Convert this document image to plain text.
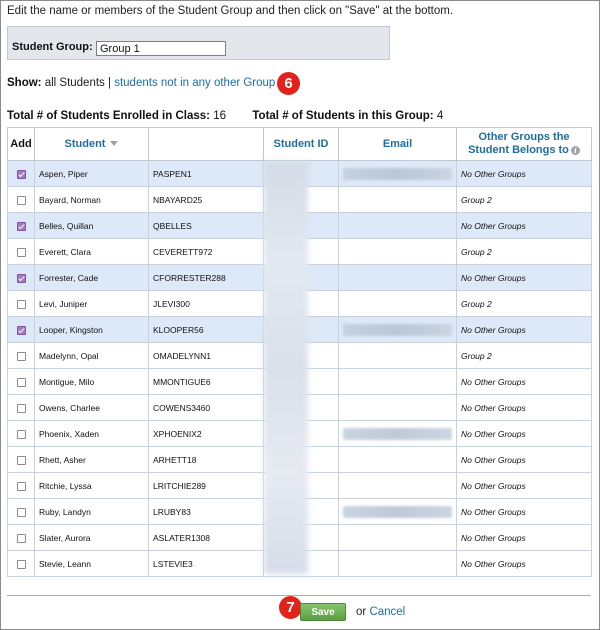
Edit the name or members of the Student Group and then click on "Save" at the bottom.
Student Group:
Group 1
Show: all Students | students not in any other Group 6
Total # of Students Enrolled in Class: 16 Total # of Students in this Group: 4
Add	Student		Student ID	Email	Other Groups the Student Belongs to i
	Aspen, Piper	PASPEN1			No Other Groups
	Bayard, Norman	NBAYARD25			Group 2
	Belles, Quillan	QBELLES			No Other Groups
	Everett, Clara	CEVERETT972			Group 2
	Forrester, Cade	CFORRESTER288			No Other Groups
	Levi, Juniper	JLEVI300			Group 2
	Looper, Kingston	KLOOPER56			No Other Groups
	Madelynn, Opal	OMADELYNN1			Group 2
	Montigue, Milo	MMONTIGUE6			No Other Groups
	Owens, Charlee	COWENS3460			No Other Groups
	Phoenix, Xaden	XPHOENIX2			No Other Groups
	Rhett, Asher	ARHETT18			No Other Groups
	Ritchie, Lyssa	LRITCHIE289			No Other Groups
	Ruby, Landyn	LRUBY83			No Other Groups
	Slater, Aurora	ASLATER1308			No Other Groups
	Stevie, Leann	LSTEVIE3			No Other Groups
7	Save	or Cancel
